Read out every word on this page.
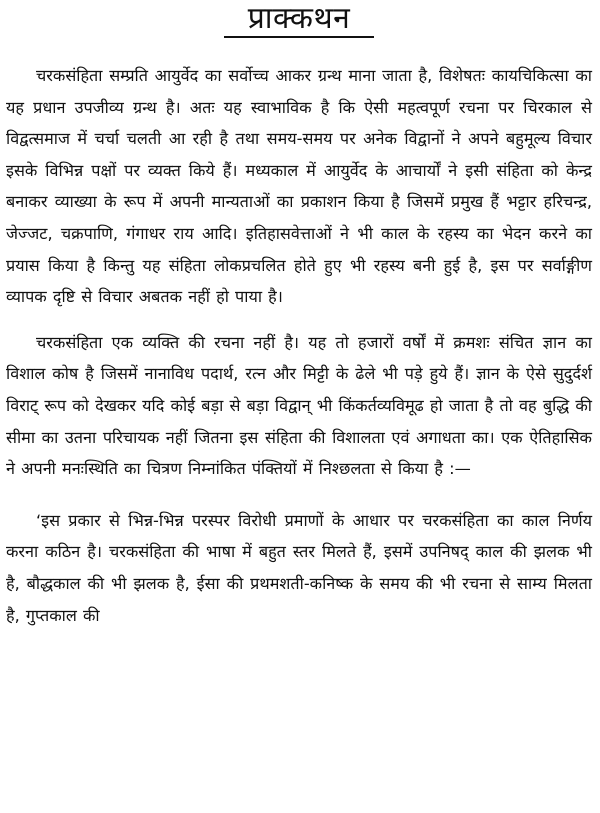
प्राक्कथन

चरकसंहिता सम्प्रति आयुर्वेद का सर्वोच्च आकर ग्रन्थ माना जाता है, विशेषतः कायचिकित्सा का यह प्रधान उपजीव्य ग्रन्थ है। अतः यह स्वाभाविक है कि ऐसी महत्वपूर्ण रचना पर चिरकाल से विद्वत्समाज में चर्चा चलती आ रही है तथा समय-समय पर अनेक विद्वानों ने अपने बहुमूल्य विचार इसके विभिन्न पक्षों पर व्यक्त किये हैं। मध्यकाल में आयुर्वेद के आचार्यों ने इसी संहिता को केन्द्र बनाकर व्याख्या के रूप में अपनी मान्यताओं का प्रकाशन किया है जिसमें प्रमुख हैं भट्टार हरिचन्द्र, जेज्जट, चक्रपाणि, गंगाधर राय आदि। इतिहासवेत्ताओं ने भी काल के रहस्य का भेदन करने का प्रयास किया है किन्तु यह संहिता लोकप्रचलित होते हुए भी रहस्य बनी हुई है, इस पर सर्वाङ्गीण व्यापक दृष्टि से विचार अबतक नहीं हो पाया है।

चरकसंहिता एक व्यक्ति की रचना नहीं है। यह तो हजारों वर्षों में क्रमशः संचित ज्ञान का विशाल कोष है जिसमें नानाविध पदार्थ, रत्न और मिट्टी के ढेले भी पड़े हुये हैं। ज्ञान के ऐसे सुदुर्दर्श विराट् रूप को देखकर यदि कोई बड़ा से बड़ा विद्वान् भी किंकर्तव्यविमूढ हो जाता है तो वह बुद्धि की सीमा का उतना परिचायक नहीं जितना इस संहिता की विशालता एवं अगाधता का। एक ऐतिहासिक ने अपनी मनःस्थिति का चित्रण निम्नांकित पंक्तियों में निश्छलता से किया है :—

‘इस प्रकार से भिन्न-भिन्न परस्पर विरोधी प्रमाणों के आधार पर चरकसंहिता का काल निर्णय करना कठिन है। चरकसंहिता की भाषा में बहुत स्तर मिलते हैं, इसमें उपनिषद् काल की झलक भी है, बौद्धकाल की भी झलक है, ईसा की प्रथमशती-कनिष्क के समय की भी रचना से साम्य मिलता है, गुप्तकाल की
